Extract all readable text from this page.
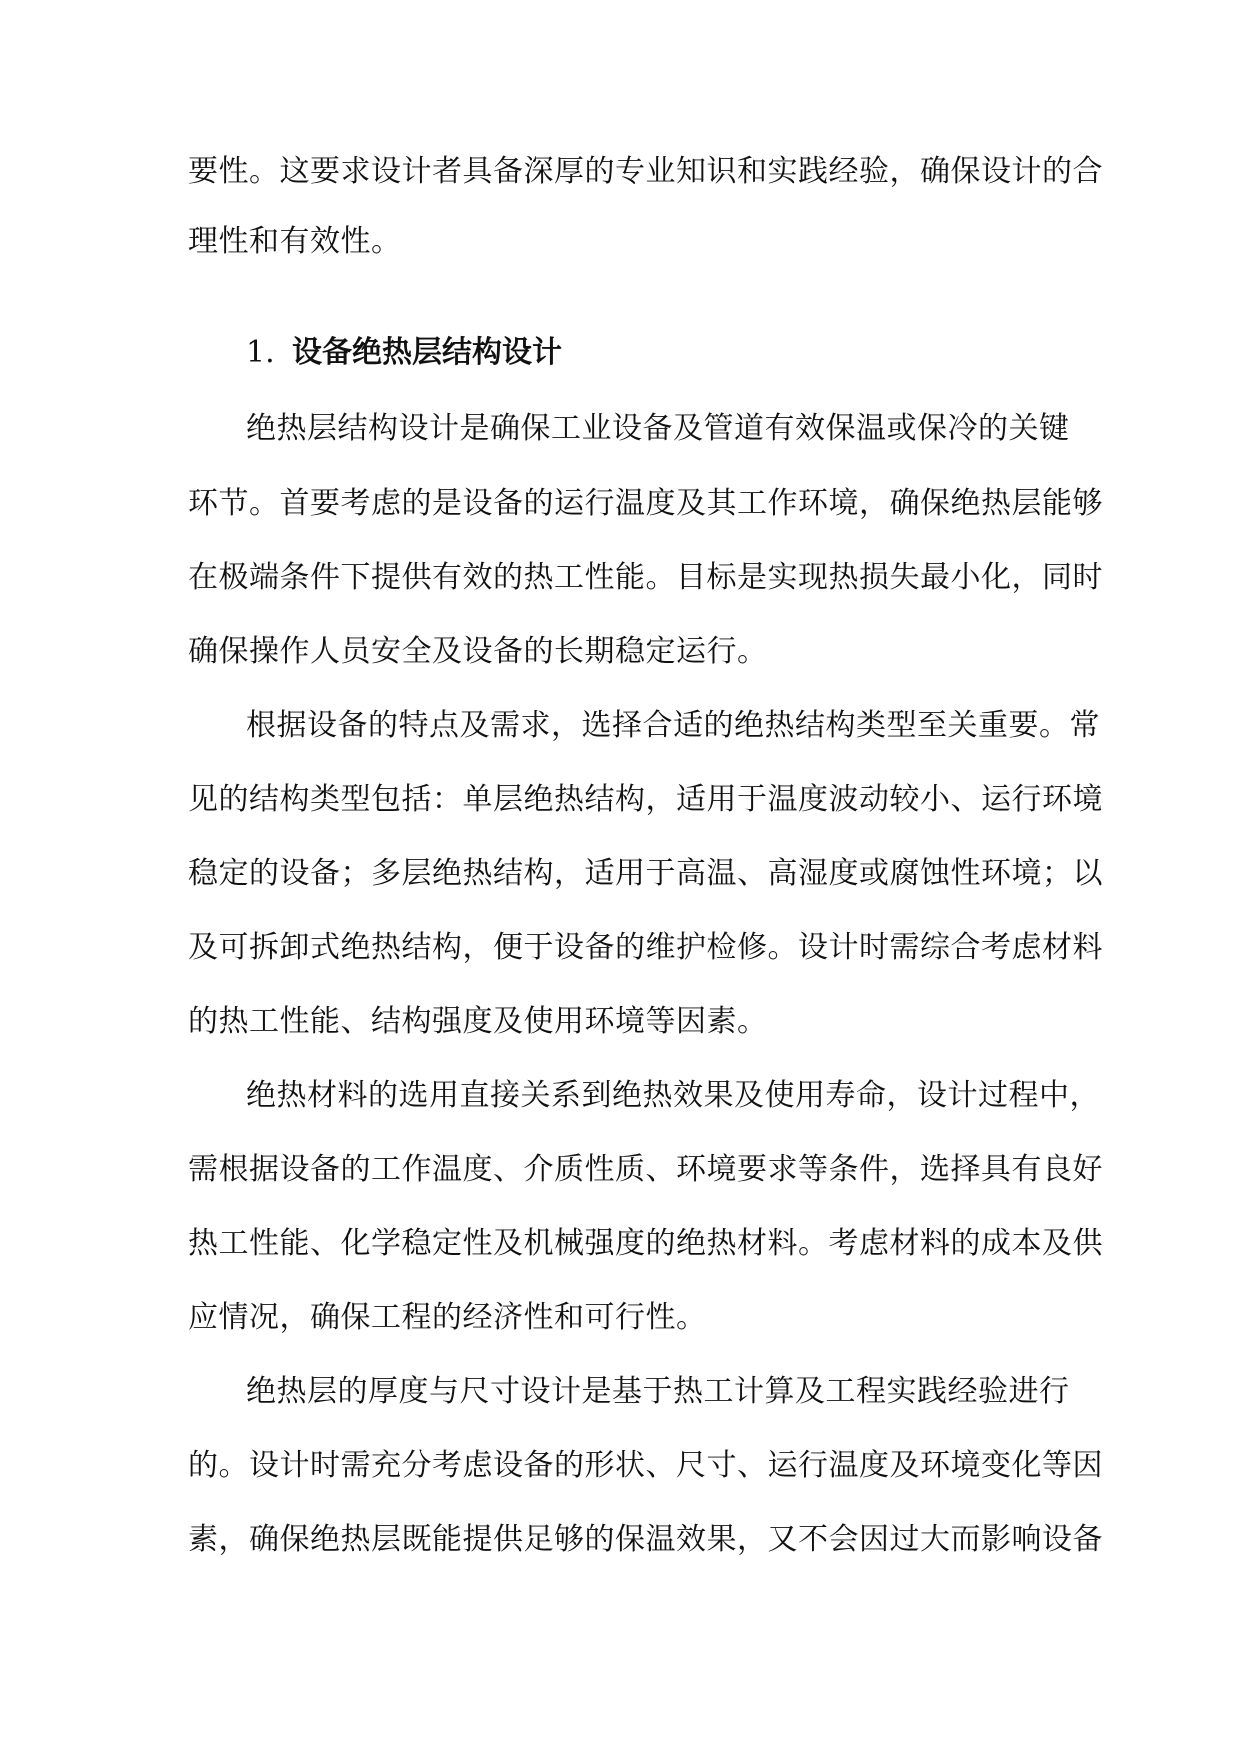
要性。这要求设计者具备深厚的专业知识和实践经验，确保设计的合
理性和有效性。
1. 设备绝热层结构设计
绝热层结构设计是确保工业设备及管道有效保温或保冷的关键
环节。首要考虑的是设备的运行温度及其工作环境，确保绝热层能够
在极端条件下提供有效的热工性能。目标是实现热损失最小化，同时
确保操作人员安全及设备的长期稳定运行。
根据设备的特点及需求，选择合适的绝热结构类型至关重要。常
见的结构类型包括：单层绝热结构，适用于温度波动较小、运行环境
稳定的设备；多层绝热结构，适用于高温、高湿度或腐蚀性环境；以
及可拆卸式绝热结构，便于设备的维护检修。设计时需综合考虑材料
的热工性能、结构强度及使用环境等因素。
绝热材料的选用直接关系到绝热效果及使用寿命，设计过程中，
需根据设备的工作温度、介质性质、环境要求等条件，选择具有良好
热工性能、化学稳定性及机械强度的绝热材料。考虑材料的成本及供
应情况，确保工程的经济性和可行性。
绝热层的厚度与尺寸设计是基于热工计算及工程实践经验进行
的。设计时需充分考虑设备的形状、尺寸、运行温度及环境变化等因
素，确保绝热层既能提供足够的保温效果，又不会因过大而影响设备
